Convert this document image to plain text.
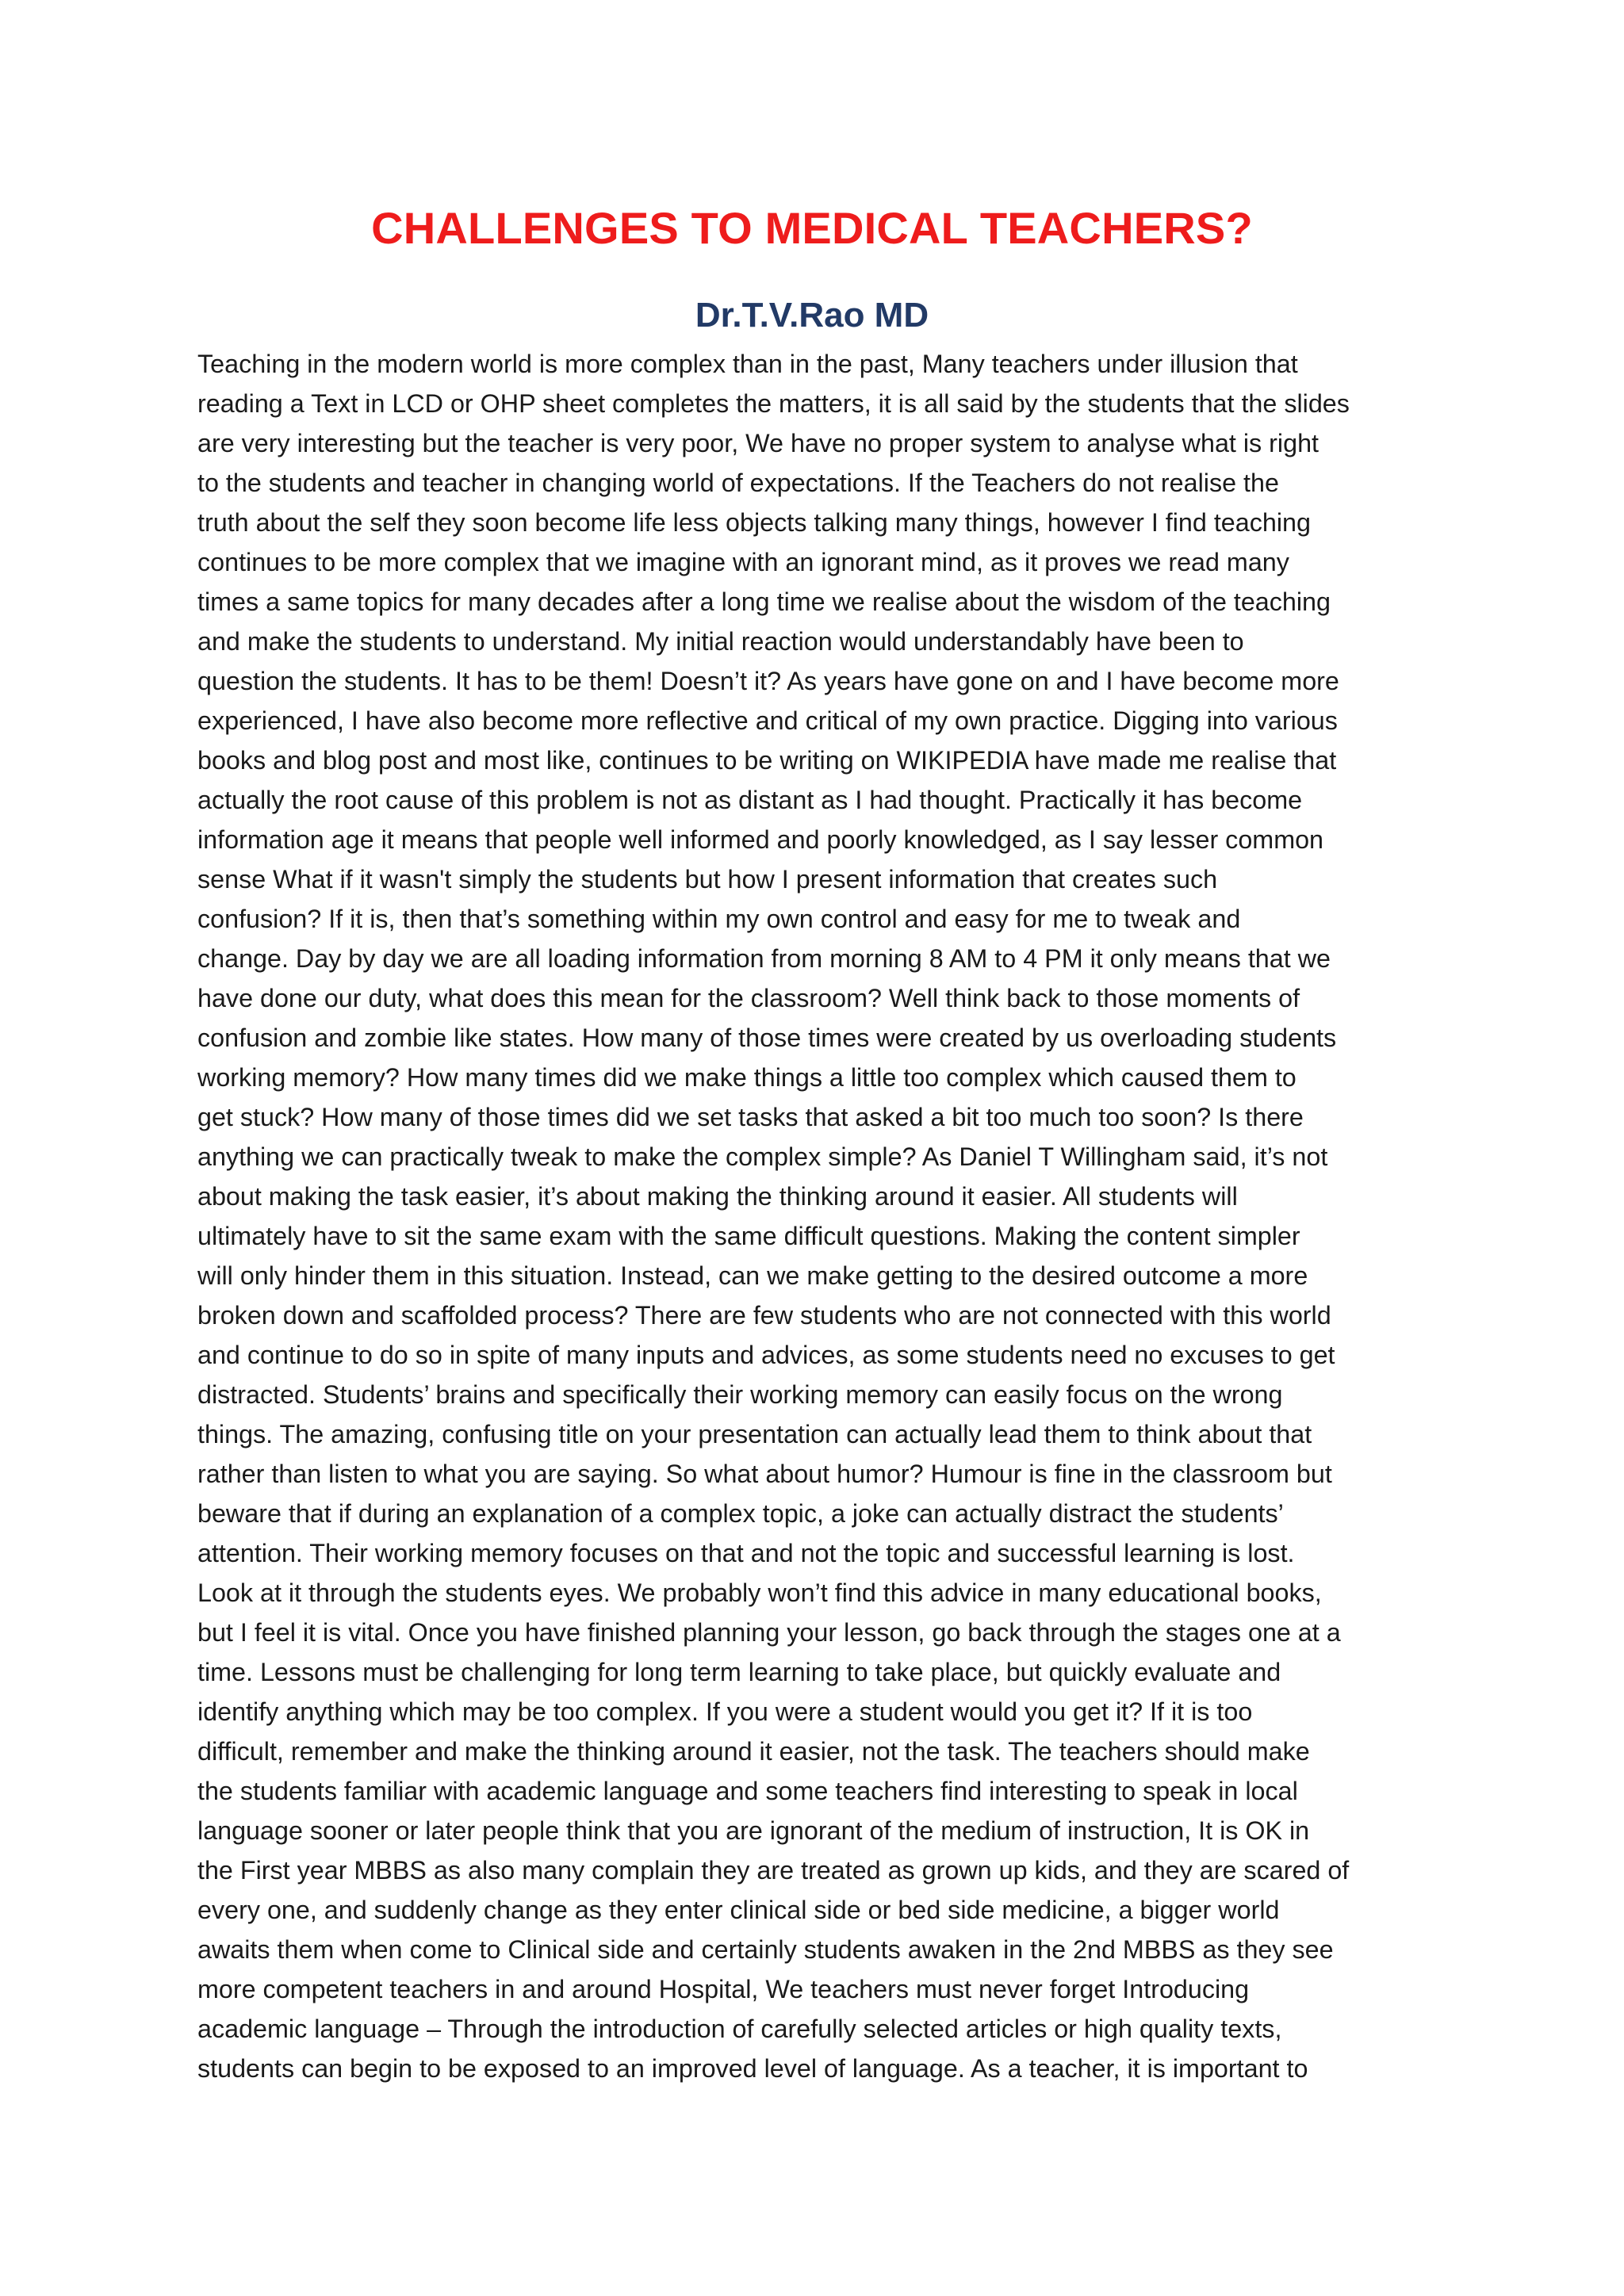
CHALLENGES TO MEDICAL TEACHERS?
Dr.T.V.Rao MD
Teaching in the modern world is more complex than in the past, Many teachers under illusion that
reading a Text in LCD or OHP sheet completes the matters, it is all said by the students that the slides
are very interesting but the teacher is very poor, We have no proper system to analyse what is right
to the students and teacher in changing world of expectations. If the Teachers do not realise the
truth about the self they soon become life less objects talking many things, however I find teaching
continues to be more complex that we imagine with an ignorant mind, as it proves we read many
times a same topics for many decades after a long time we realise about the wisdom of the teaching
and make the students to understand. My initial reaction would understandably have been to
question the students. It has to be them! Doesn’t it? As years have gone on and I have become more
experienced, I have also become more reflective and critical of my own practice. Digging into various
books and blog post and most like, continues to be writing on WIKIPEDIA have made me realise that
actually the root cause of this problem is not as distant as I had thought. Practically it has become
information age it means that people well informed and poorly knowledged, as I say lesser common
sense What if it wasn't simply the students but how I present information that creates such
confusion? If it is, then that’s something within my own control and easy for me to tweak and
change. Day by day we are all loading information from morning 8 AM to 4 PM it only means that we
have done our duty, what does this mean for the classroom? Well think back to those moments of
confusion and zombie like states. How many of those times were created by us overloading students
working memory? How many times did we make things a little too complex which caused them to
get stuck? How many of those times did we set tasks that asked a bit too much too soon? Is there
anything we can practically tweak to make the complex simple? As Daniel T Willingham said, it’s not
about making the task easier, it’s about making the thinking around it easier. All students will
ultimately have to sit the same exam with the same difficult questions. Making the content simpler
will only hinder them in this situation. Instead, can we make getting to the desired outcome a more
broken down and scaffolded process? There are few students who are not connected with this world
and continue to do so in spite of many inputs and advices, as some students need no excuses to get
distracted. Students’ brains and specifically their working memory can easily focus on the wrong
things. The amazing, confusing title on your presentation can actually lead them to think about that
rather than listen to what you are saying. So what about humor? Humour is fine in the classroom but
beware that if during an explanation of a complex topic, a joke can actually distract the students’
attention. Their working memory focuses on that and not the topic and successful learning is lost.
Look at it through the students eyes. We probably won’t find this advice in many educational books,
but I feel it is vital. Once you have finished planning your lesson, go back through the stages one at a
time. Lessons must be challenging for long term learning to take place, but quickly evaluate and
identify anything which may be too complex. If you were a student would you get it? If it is too
difficult, remember and make the thinking around it easier, not the task. The teachers should make
the students familiar with academic language and some teachers find interesting to speak in local
language sooner or later people think that you are ignorant of the medium of instruction, It is OK in
the First year MBBS as also many complain they are treated as grown up kids, and they are scared of
every one, and suddenly change as they enter clinical side or bed side medicine, a bigger world
awaits them when come to Clinical side and certainly students awaken in the 2nd MBBS as they see
more competent teachers in and around Hospital, We teachers must never forget Introducing
academic language – Through the introduction of carefully selected articles or high quality texts,
students can begin to be exposed to an improved level of language. As a teacher, it is important to
